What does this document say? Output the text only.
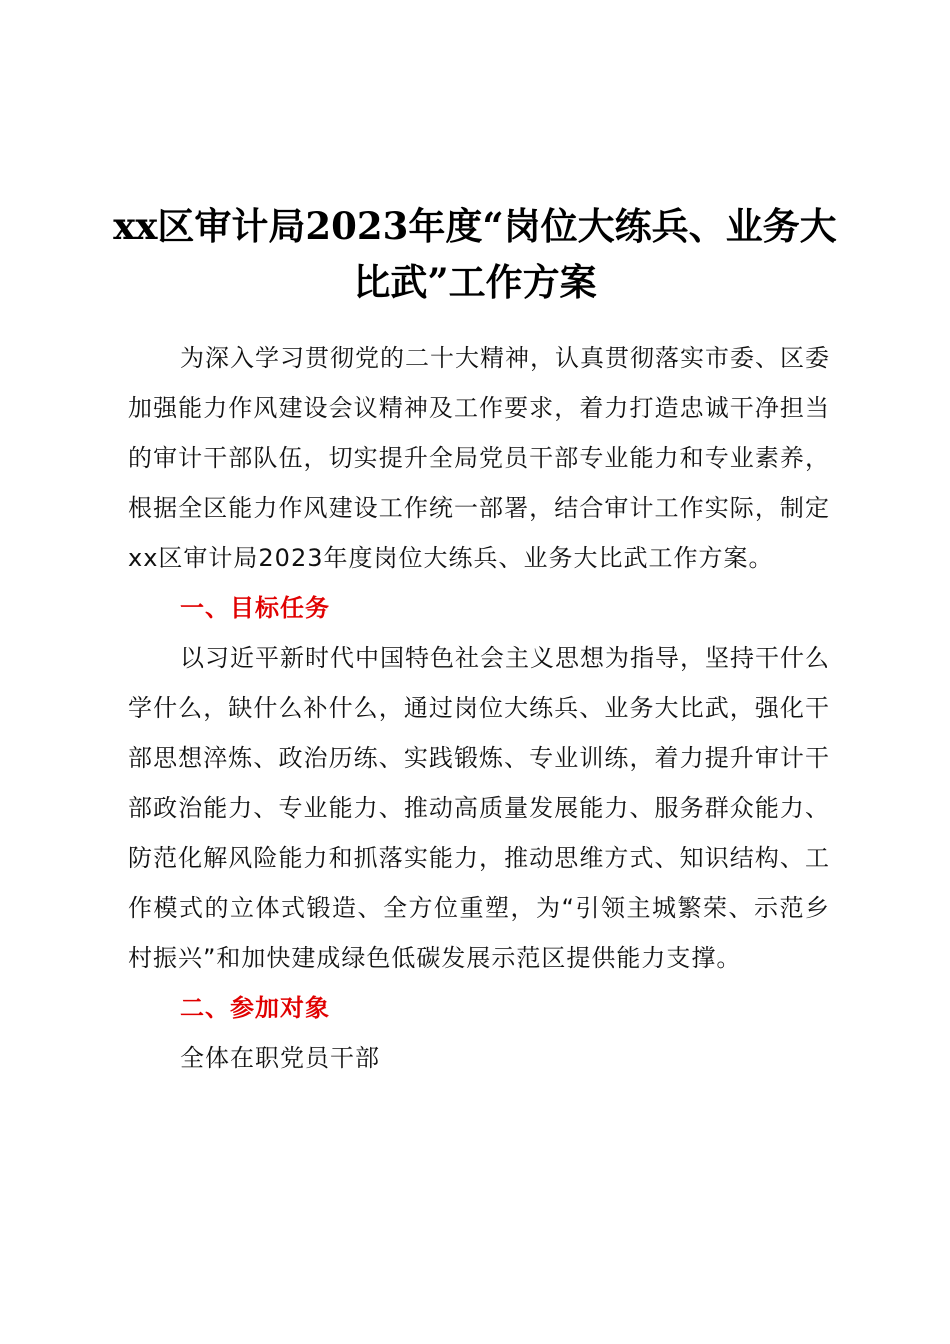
xx区审计局2023年度“岗位大练兵、业务大
比武”工作方案

为深入学习贯彻党的二十大精神，认真贯彻落实市委、区委加强能力作风建设会议精神及工作要求，着力打造忠诚干净担当的审计干部队伍，切实提升全局党员干部专业能力和专业素养，根据全区能力作风建设工作统一部署，结合审计工作实际，制定xx区审计局2023年度岗位大练兵、业务大比武工作方案。

一、目标任务

以习近平新时代中国特色社会主义思想为指导，坚持干什么学什么，缺什么补什么，通过岗位大练兵、业务大比武，强化干部思想淬炼、政治历练、实践锻炼、专业训练，着力提升审计干部政治能力、专业能力、推动高质量发展能力、服务群众能力、防范化解风险能力和抓落实能力，推动思维方式、知识结构、工作模式的立体式锻造、全方位重塑，为“引领主城繁荣、示范乡村振兴”和加快建成绿色低碳发展示范区提供能力支撑。

二、参加对象

全体在职党员干部
